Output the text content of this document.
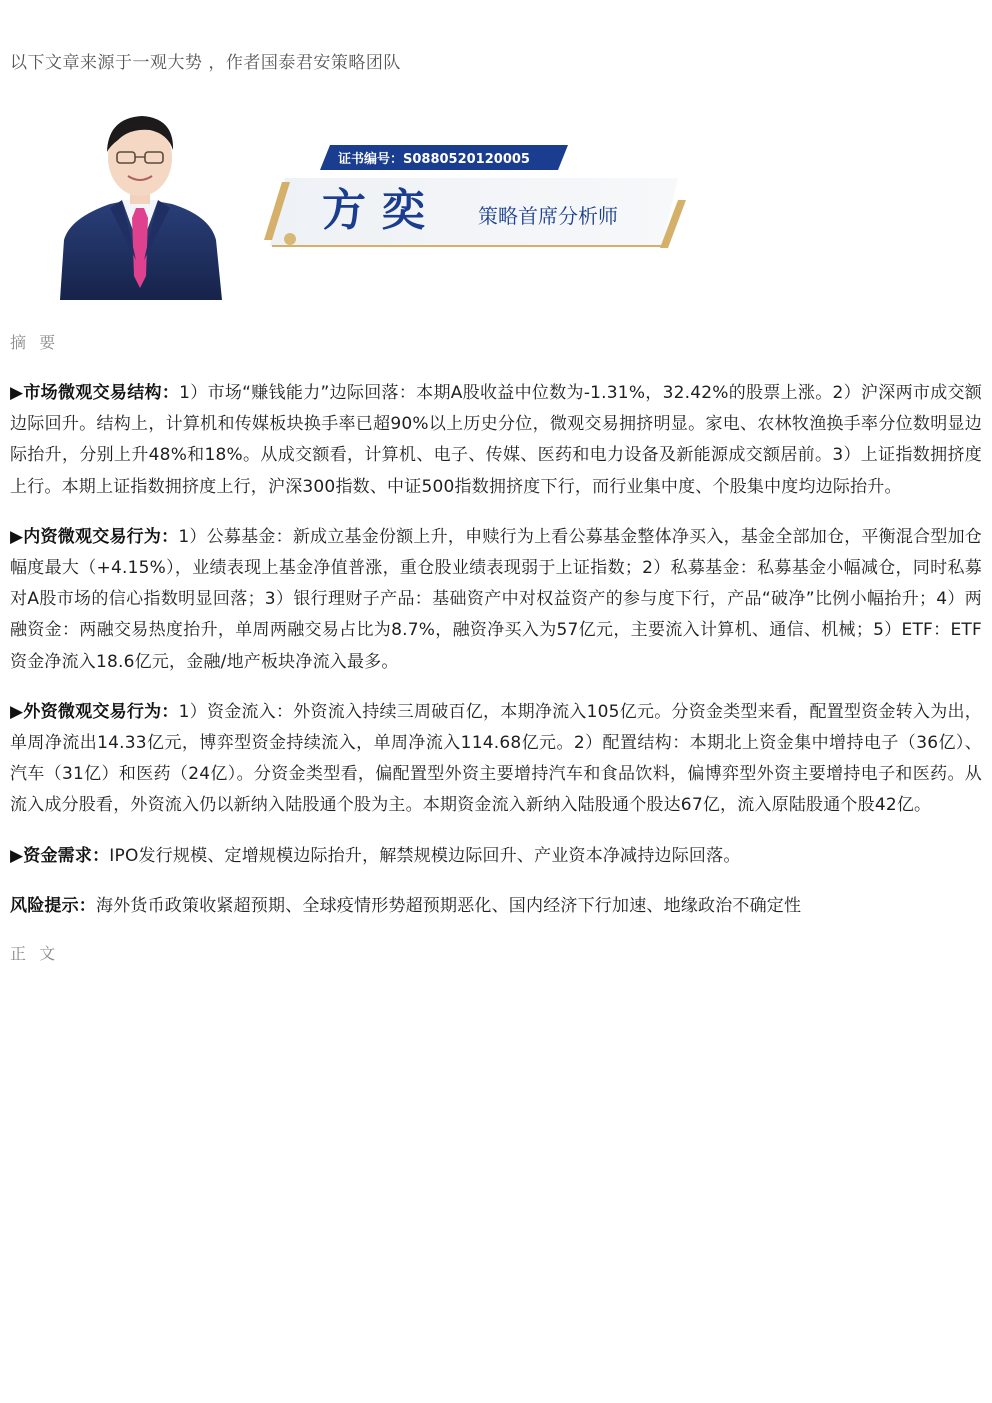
以下文章来源于一观大势 ，作者国泰君安策略团队
证书编号：S0880520120005
方 奕	策略首席分析师
摘 要

▶市场微观交易结构：1）市场“赚钱能力”边际回落：本期A股收益中位数为-1.31%，32.42%的股票上涨。2）沪深两市成交额边际回升。结构上，计算机和传媒板块换手率已超90%以上历史分位，微观交易拥挤明显。家电、农林牧渔换手率分位数明显边际抬升，分别上升48%和18%。从成交额看，计算机、电子、传媒、医药和电力设备及新能源成交额居前。3）上证指数拥挤度上行。本期上证指数拥挤度上行，沪深300指数、中证500指数拥挤度下行，而行业集中度、个股集中度均边际抬升。

▶内资微观交易行为：1）公募基金：新成立基金份额上升，申赎行为上看公募基金整体净买入，基金全部加仓，平衡混合型加仓幅度最大（+4.15%），业绩表现上基金净值普涨，重仓股业绩表现弱于上证指数；2）私募基金：私募基金小幅减仓，同时私募对A股市场的信心指数明显回落；3）银行理财子产品：基础资产中对权益资产的参与度下行，产品“破净”比例小幅抬升；4）两融资金：两融交易热度抬升，单周两融交易占比为8.7%，融资净买入为57亿元，主要流入计算机、通信、机械；5）ETF：ETF资金净流入18.6亿元，金融/地产板块净流入最多。

▶外资微观交易行为：1）资金流入：外资流入持续三周破百亿，本期净流入105亿元。分资金类型来看，配置型资金转入为出，单周净流出14.33亿元，博弈型资金持续流入，单周净流入114.68亿元。2）配置结构：本期北上资金集中增持电子（36亿）、汽车（31亿）和医药（24亿）。分资金类型看，偏配置型外资主要增持汽车和食品饮料，偏博弈型外资主要增持电子和医药。从流入成分股看，外资流入仍以新纳入陆股通个股为主。本期资金流入新纳入陆股通个股达67亿，流入原陆股通个股42亿。

▶资金需求：IPO发行规模、定增规模边际抬升，解禁规模边际回升、产业资本净减持边际回落。

风险提示：海外货币政策收紧超预期、全球疫情形势超预期恶化、国内经济下行加速、地缘政治不确定性

正 文
